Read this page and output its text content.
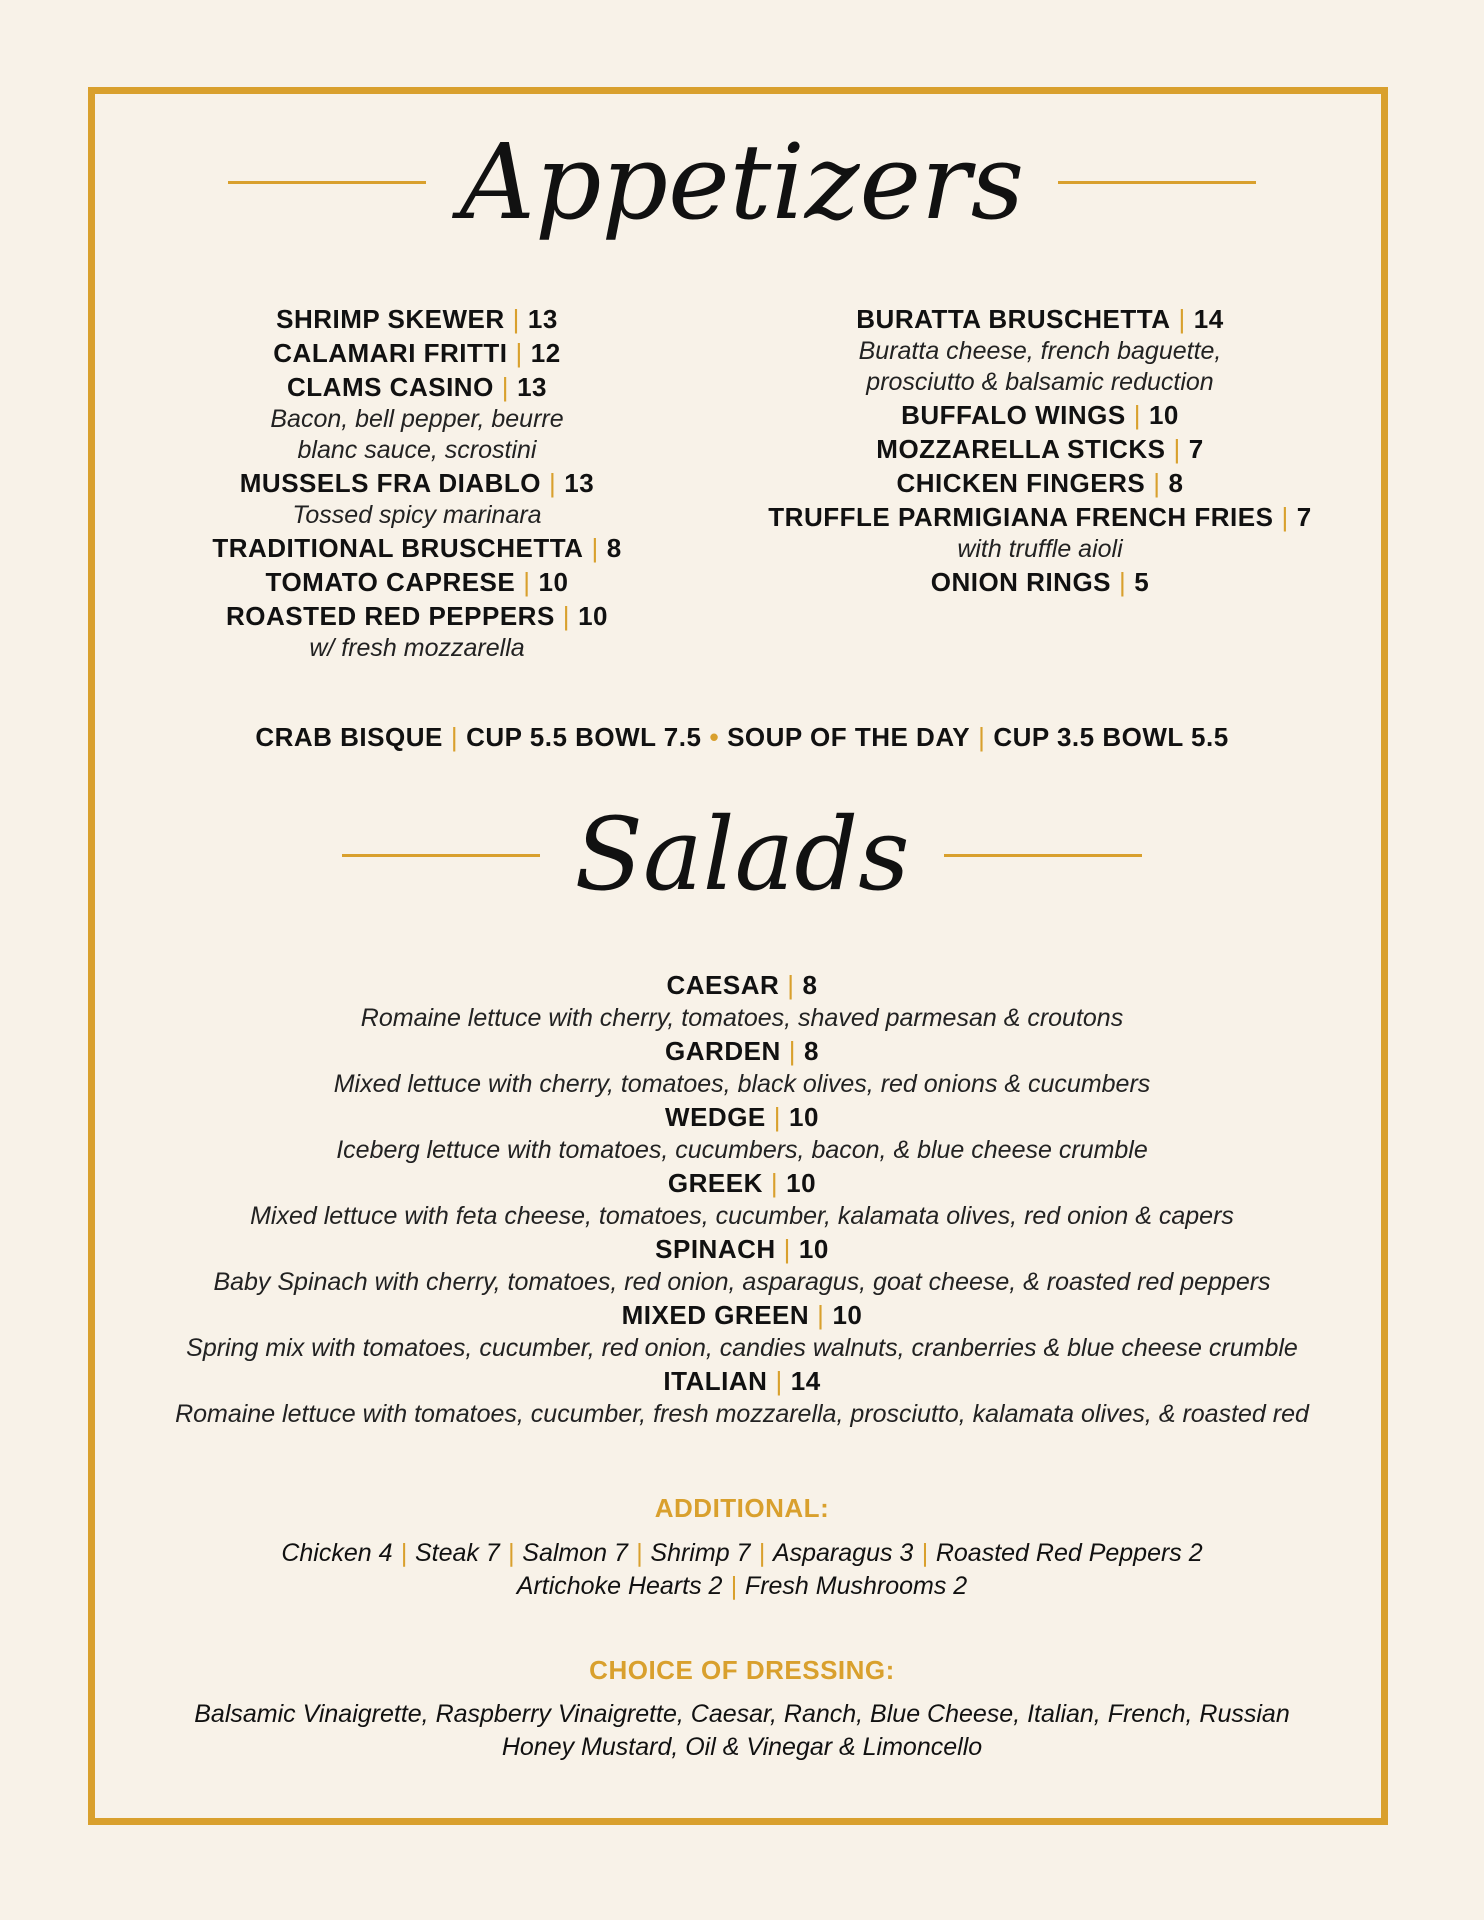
Appetizers
SHRIMP SKEWER | 13
CALAMARI FRITTI | 12
CLAMS CASINO | 13
Bacon, bell pepper, beurre
blanc sauce, scrostini
MUSSELS FRA DIABLO | 13
Tossed spicy marinara
TRADITIONAL BRUSCHETTA | 8
TOMATO CAPRESE | 10
ROASTED RED PEPPERS | 10
w/ fresh mozzarella
BURATTA BRUSCHETTA | 14
Buratta cheese, french baguette,
prosciutto & balsamic reduction
BUFFALO WINGS | 10
MOZZARELLA STICKS | 7
CHICKEN FINGERS | 8
TRUFFLE PARMIGIANA FRENCH FRIES | 7
with truffle aioli
ONION RINGS | 5
CRAB BISQUE | CUP 5.5 BOWL 7.5 • SOUP OF THE DAY | CUP 3.5 BOWL 5.5
Salads
CAESAR | 8
Romaine lettuce with cherry, tomatoes, shaved parmesan & croutons
GARDEN | 8
Mixed lettuce with cherry, tomatoes, black olives, red onions & cucumbers
WEDGE | 10
Iceberg lettuce with tomatoes, cucumbers, bacon, & blue cheese crumble
GREEK | 10
Mixed lettuce with feta cheese, tomatoes, cucumber, kalamata olives, red onion & capers
SPINACH | 10
Baby Spinach with cherry, tomatoes, red onion, asparagus, goat cheese, & roasted red peppers
MIXED GREEN | 10
Spring mix with tomatoes, cucumber, red onion, candies walnuts, cranberries & blue cheese crumble
ITALIAN | 14
Romaine lettuce with tomatoes, cucumber, fresh mozzarella, prosciutto, kalamata olives, & roasted red
ADDITIONAL:
Chicken 4 | Steak 7 | Salmon 7 | Shrimp 7 | Asparagus 3 | Roasted Red Peppers 2
Artichoke Hearts 2 | Fresh Mushrooms 2
CHOICE OF DRESSING:
Balsamic Vinaigrette, Raspberry Vinaigrette, Caesar, Ranch, Blue Cheese, Italian, French, Russian
Honey Mustard, Oil & Vinegar & Limoncello
